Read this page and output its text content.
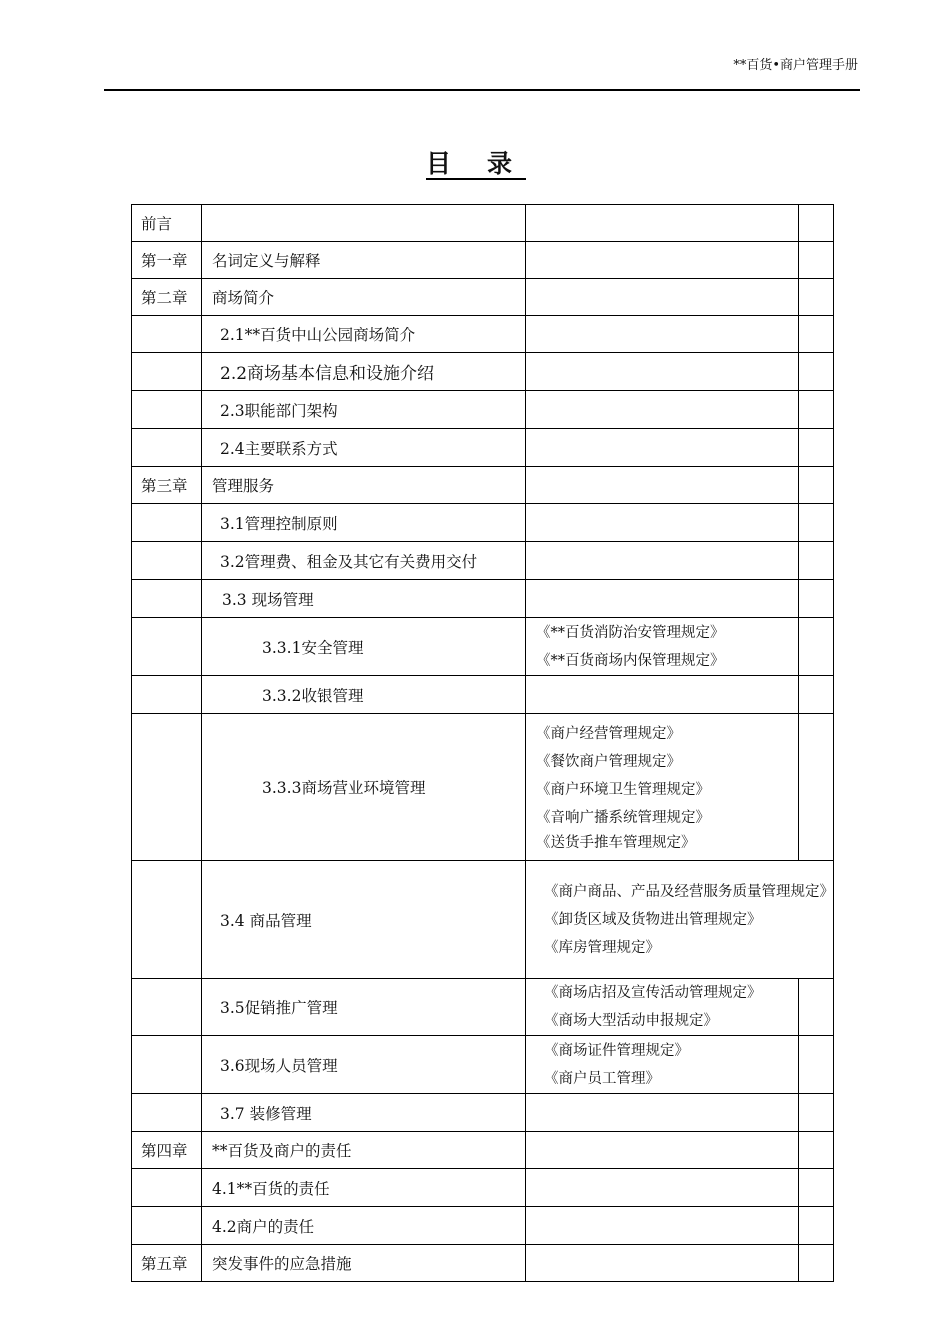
**百货•商户管理手册
目 录
前言			
第一章	名词定义与解释		
第二章	商场简介		
	2.1**百货中山公园商场简介		
	2.2商场基本信息和设施介绍		
	2.3职能部门架构		
	2.4主要联系方式		
第三章	管理服务		
	3.1管理控制原则		
	3.2管理费、租金及其它有关费用交付		
	3.3 现场管理		
	3.3.1安全管理	《**百货消防治安管理规定》
《**百货商场内保管理规定》	

	3.3.2收银管理		
	3.3.3商场营业环境管理	《商户经营管理规定》
《餐饮商户管理规定》
《商户环境卫生管理规定》
《音响广播系统管理规定》
《送货手推车管理规定》	

	3.4 商品管理	《商户商品、产品及经营服务质量管理规定》
《卸货区域及货物进出管理规定》
《库房管理规定》	

	3.5促销推广管理	《商场店招及宣传活动管理规定》
《商场大型活动申报规定》	

	3.6现场人员管理	《商场证件管理规定》
《商户员工管理》	

	3.7 装修管理		
第四章	**百货及商户的责任		
	4.1**百货的责任		
	4.2商户的责任		
第五章	突发事件的应急措施		
